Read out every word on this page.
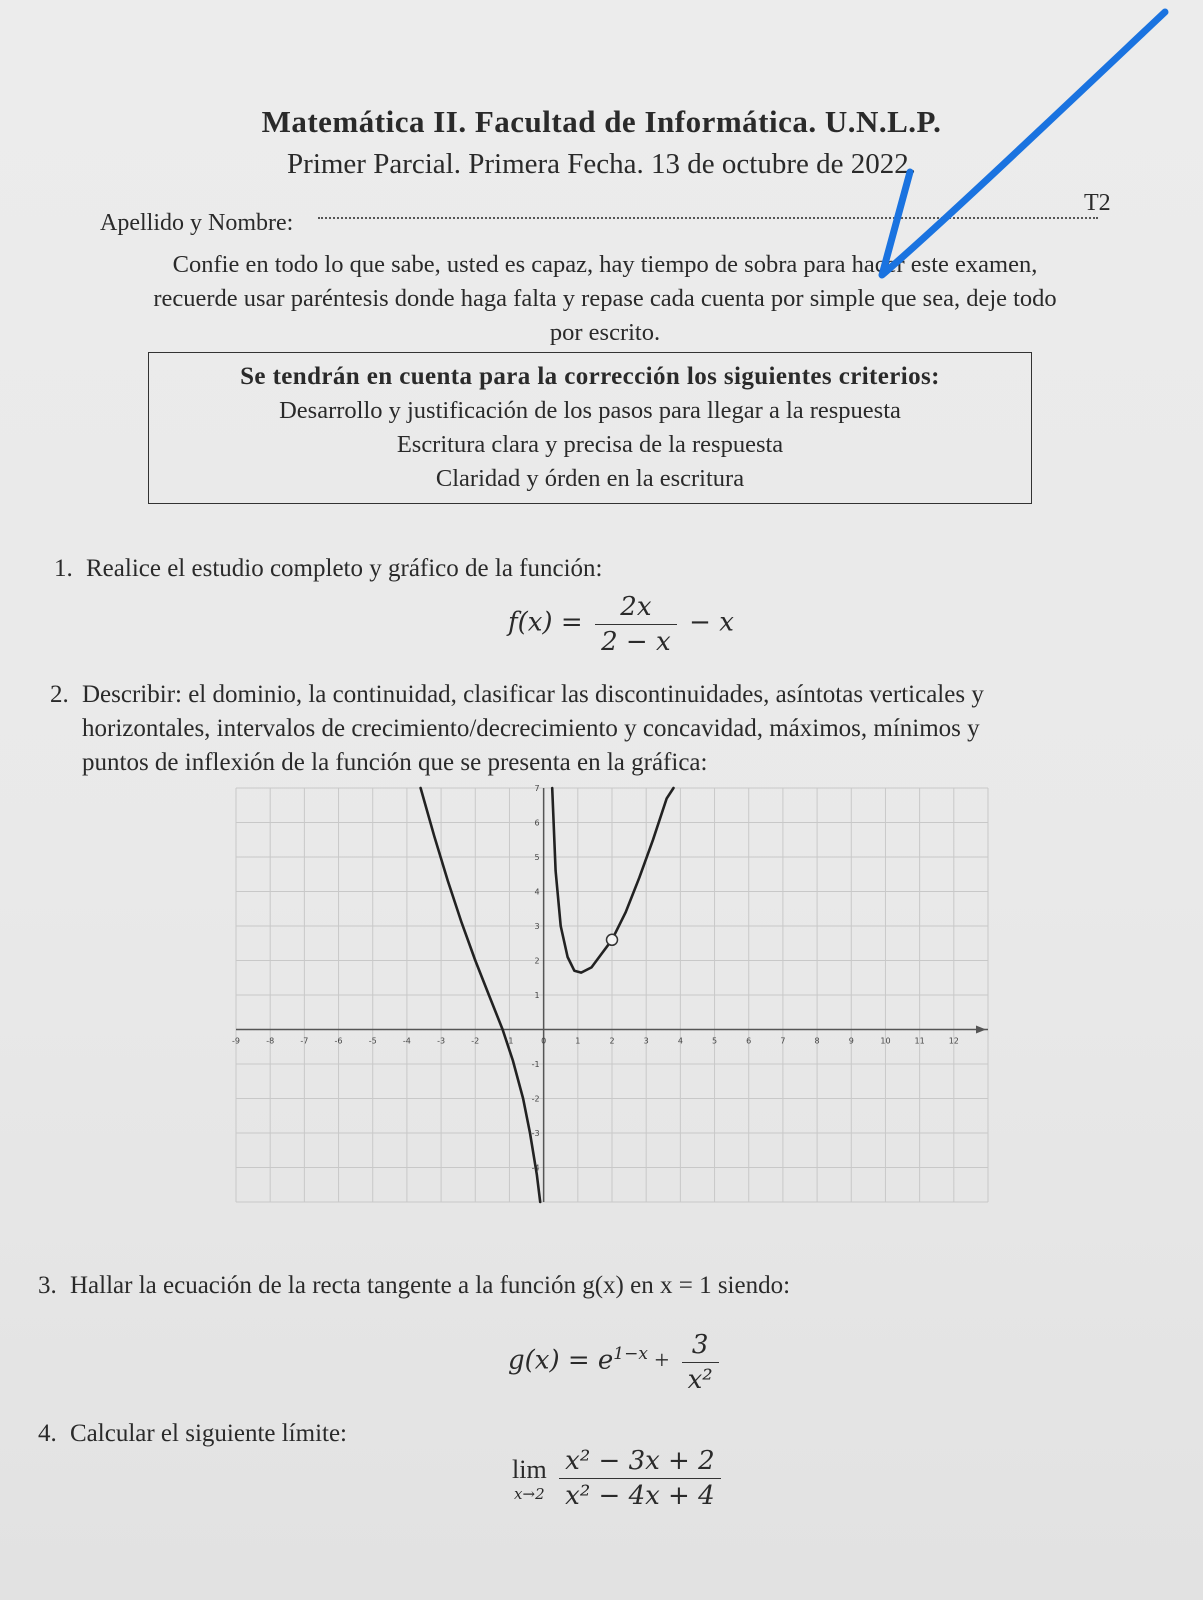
Matemática II. Facultad de Informática. U.N.L.P.
Primer Parcial. Primera Fecha. 13 de octubre de 2022.
Apellido y Nombre:
T2
Confie en todo lo que sabe, usted es capaz, hay tiempo de sobra para hacer este examen,
recuerde usar paréntesis donde haga falta y repase cada cuenta por simple que sea, deje todo
por escrito.
Se tendrán en cuenta para la corrección los siguientes criterios:
Desarrollo y justificación de los pasos para llegar a la respuesta
Escritura clara y precisa de la respuesta
Claridad y órden en la escritura
1. Realice el estudio completo y gráfico de la función:
$f(x) = \frac{2x}{2 - x} - x$
2. Describir: el dominio, la continuidad, clasificar las discontinuidades, asíntotas verticales y
horizontales, intervalos de crecimiento/decrecimiento y concavidad, máximos, mínimos y
puntos de inflexión de la función que se presenta en la gráfica:
-9	-8	-7	-6	-5	-4	-3	-2	-1	0	1	2	3	4	5	6	7	8	9	10	11	12
-4
-3
-2
-1
1
2
3
4
5
6
7
3. Hallar la ecuación de la recta tangente a la función g(x) en x = 1 siendo:
$g(x) = e^{1-x} + \frac{3}{\text{x²}}$
4. Calcular el siguiente límite:
lim
x→2
$\frac{\text{x² − 3x + 2}}{\text{x² − 4x + 4}}$
